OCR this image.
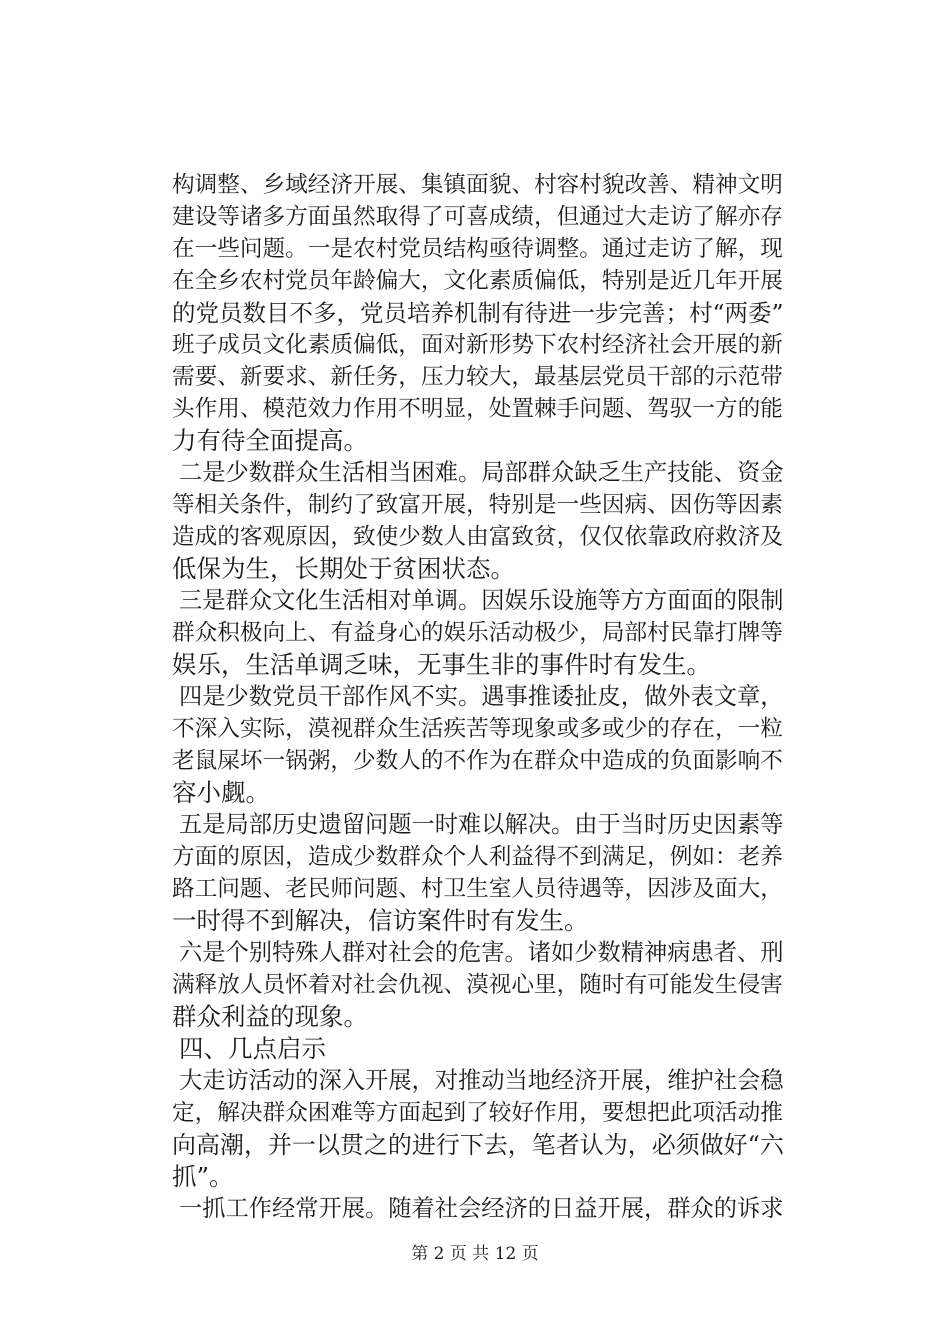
构调整、乡域经济开展、集镇面貌、村容村貌改善、精神文明
建设等诸多方面虽然取得了可喜成绩，但通过大走访了解亦存
在一些问题。一是农村党员结构亟待调整。通过走访了解，现
在全乡农村党员年龄偏大，文化素质偏低，特别是近几年开展
的党员数目不多，党员培养机制有待进一步完善；村“两委”
班子成员文化素质偏低，面对新形势下农村经济社会开展的新
需要、新要求、新任务，压力较大，最基层党员干部的示范带
头作用、模范效力作用不明显，处置棘手问题、驾驭一方的能
力有待全面提高。
二是少数群众生活相当困难。局部群众缺乏生产技能、资金
等相关条件，制约了致富开展，特别是一些因病、因伤等因素
造成的客观原因，致使少数人由富致贫，仅仅依靠政府救济及
低保为生，长期处于贫困状态。
三是群众文化生活相对单调。因娱乐设施等方方面面的限制
群众积极向上、有益身心的娱乐活动极少，局部村民靠打牌等
娱乐，生活单调乏味，无事生非的事件时有发生。
四是少数党员干部作风不实。遇事推诿扯皮，做外表文章，
不深入实际，漠视群众生活疾苦等现象或多或少的存在，一粒
老鼠屎坏一锅粥，少数人的不作为在群众中造成的负面影响不
容小觑。
五是局部历史遗留问题一时难以解决。由于当时历史因素等
方面的原因，造成少数群众个人利益得不到满足，例如：老养
路工问题、老民师问题、村卫生室人员待遇等，因涉及面大，
一时得不到解决，信访案件时有发生。
六是个别特殊人群对社会的危害。诸如少数精神病患者、刑
满释放人员怀着对社会仇视、漠视心里，随时有可能发生侵害
群众利益的现象。
四、几点启示
大走访活动的深入开展，对推动当地经济开展，维护社会稳
定，解决群众困难等方面起到了较好作用，要想把此项活动推
向高潮，并一以贯之的进行下去，笔者认为，必须做好“六
抓”。
一抓工作经常开展。随着社会经济的日益开展，群众的诉求
第 2 页 共 12 页
